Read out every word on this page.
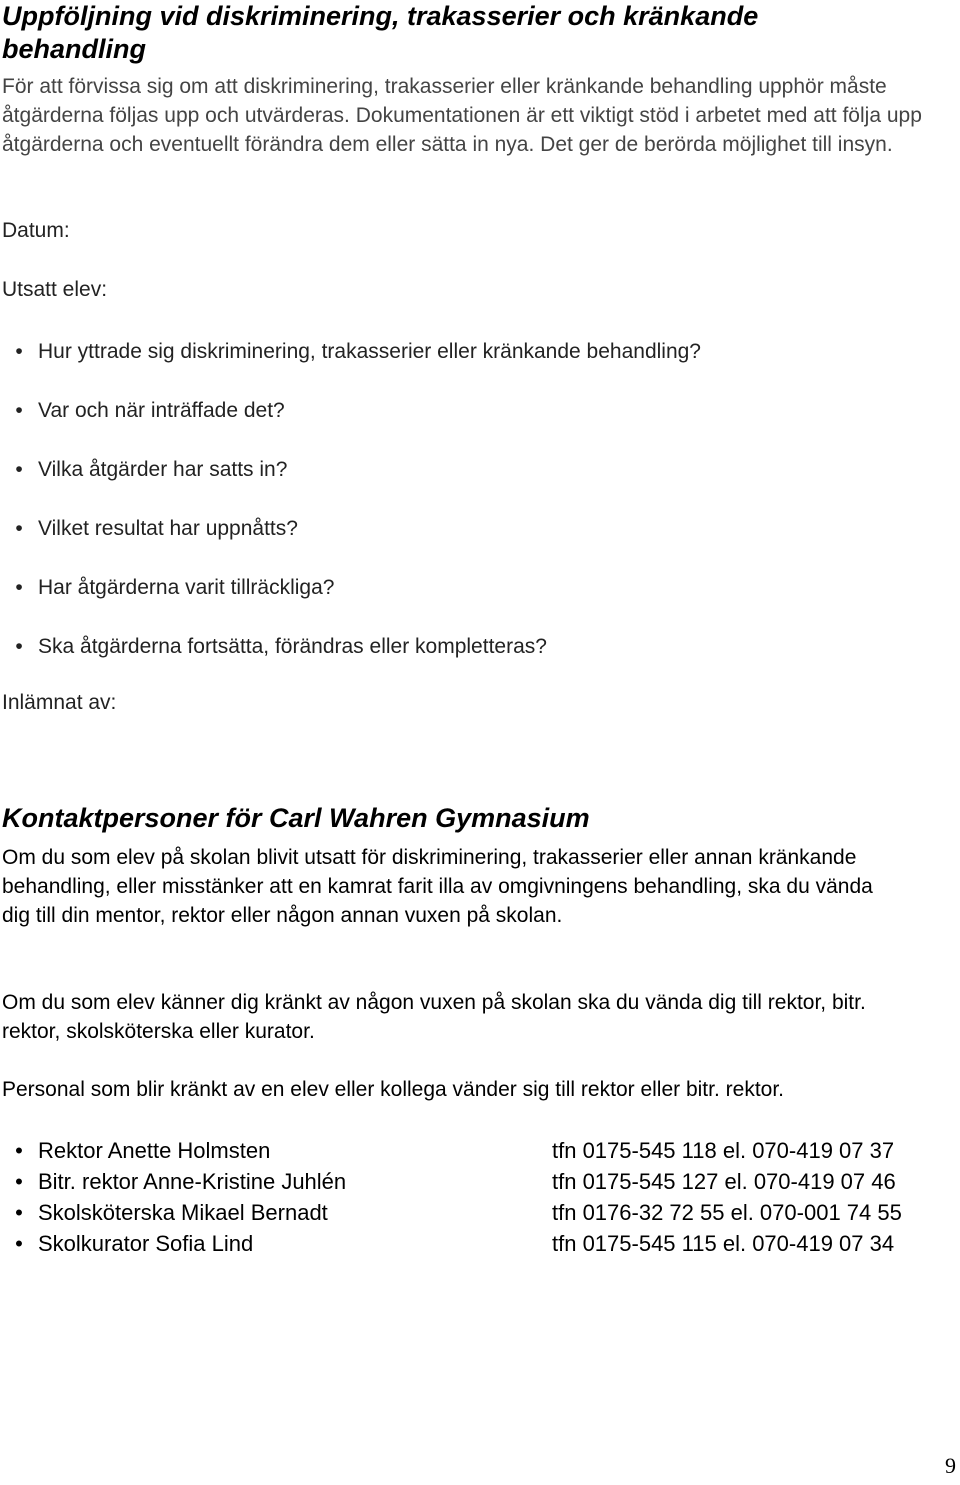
Uppföljning vid diskriminering, trakasserier och kränkande behandling

För att förvissa sig om att diskriminering, trakasserier eller kränkande behandling upphör måste åtgärderna följas upp och utvärderas. Dokumentationen är ett viktigt stöd i arbetet med att följa upp åtgärderna och eventuellt förändra dem eller sätta in nya. Det ger de berörda möjlighet till insyn.

Datum:

Utsatt elev:

• Hur yttrade sig diskriminering, trakasserier eller kränkande behandling?
• Var och när inträffade det?
• Vilka åtgärder har satts in?
• Vilket resultat har uppnåtts?
• Har åtgärderna varit tillräckliga?
• Ska åtgärderna fortsätta, förändras eller kompletteras?

Inlämnat av:

Kontaktpersoner för Carl Wahren Gymnasium

Om du som elev på skolan blivit utsatt för diskriminering, trakasserier eller annan kränkande behandling, eller misstänker att en kamrat farit illa av omgivningens behandling, ska du vända dig till din mentor, rektor eller någon annan vuxen på skolan.

Om du som elev känner dig kränkt av någon vuxen på skolan ska du vända dig till rektor, bitr. rektor, skolsköterska eller kurator.

Personal som blir kränkt av en elev eller kollega vänder sig till rektor eller bitr. rektor.

• Rektor Anette Holmsten	tfn 0175-545 118 el. 070-419 07 37
• Bitr. rektor Anne-Kristine Juhlén	tfn 0175-545 127 el. 070-419 07 46
• Skolsköterska Mikael Bernadt	tfn 0176-32 72 55 el. 070-001 74 55
• Skolkurator Sofia Lind	tfn 0175-545 115 el. 070-419 07 34
9
